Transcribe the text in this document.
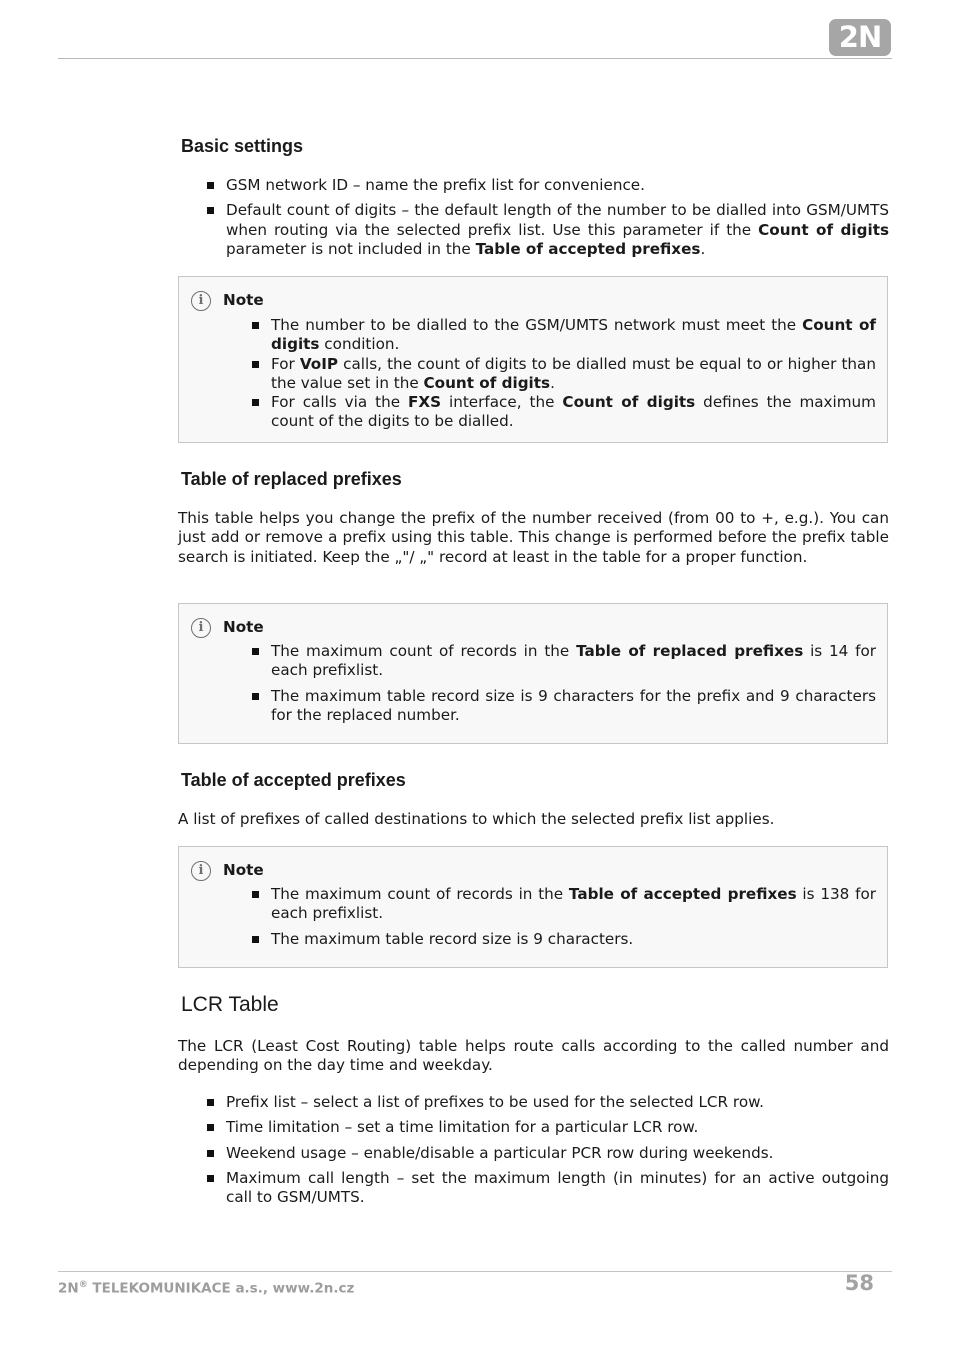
2N
Basic settings
GSM network ID – name the prefix list for convenience.
Default count of digits – the default length of the number to be dialled into GSM/UMTS when routing via the selected prefix list. Use this parameter if the Count of digits parameter is not included in the Table of accepted prefixes.
i	Note
The number to be dialled to the GSM/UMTS network must meet the Count of digits condition.
For VoIP calls, the count of digits to be dialled must be equal to or higher than the value set in the Count of digits.
For calls via the FXS interface, the Count of digits defines the maximum count of the digits to be dialled.
Table of replaced prefixes

This table helps you change the prefix of the number received (from 00 to +, e.g.). You can just add or remove a prefix using this table. This change is performed before the prefix table search is initiated. Keep the „"/ „" record at least in the table for a proper function.

i	Note
The maximum count of records in the Table of replaced prefixes is 14 for each prefixlist.
The maximum table record size is 9 characters for the prefix and 9 characters for the replaced number.
Table of accepted prefixes

A list of prefixes of called destinations to which the selected prefix list applies.

i	Note
The maximum count of records in the Table of accepted prefixes is 138 for each prefixlist.
The maximum table record size is 9 characters.
LCR Table

The LCR (Least Cost Routing) table helps route calls according to the called number and depending on the day time and weekday.

Prefix list – select a list of prefixes to be used for the selected LCR row.
Time limitation – set a time limitation for a particular LCR row.
Weekend usage – enable/disable a particular PCR row during weekends.
Maximum call length – set the maximum length (in minutes) for an active outgoing call to GSM/UMTS.
2N® TELEKOMUNIKACE a.s., www.2n.cz	58
